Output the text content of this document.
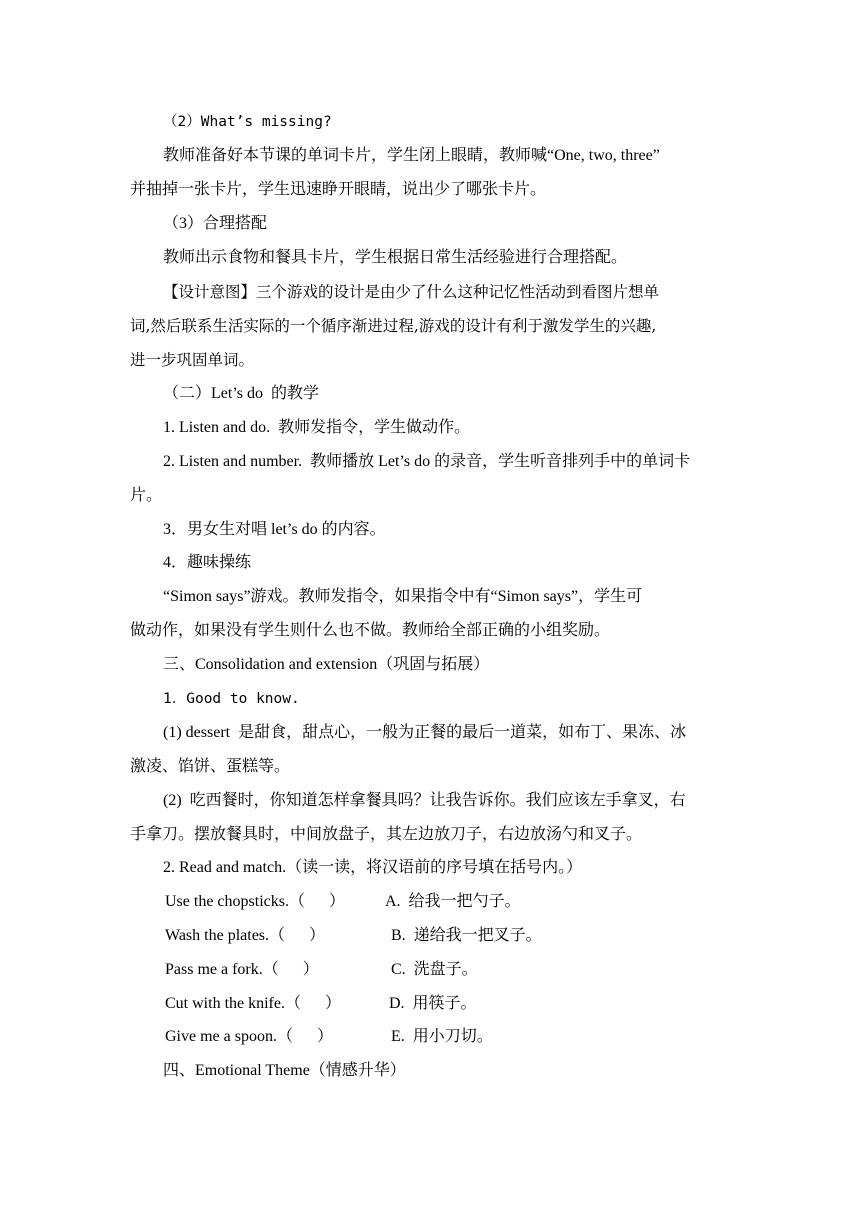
（2）What’s missing?
教师准备好本节课的单词卡片，学生闭上眼睛，教师喊“One, two, three”
并抽掉一张卡片，学生迅速睁开眼睛，说出少了哪张卡片。
（3）合理搭配
教师出示食物和餐具卡片，学生根据日常生活经验进行合理搭配。
【设计意图】三个游戏的设计是由少了什么这种记忆性活动到看图片想单
词,然后联系生活实际的一个循序渐进过程,游戏的设计有利于激发学生的兴趣,
进一步巩固单词。
（二）Let’s do  的教学
1. Listen and do.  教师发指令，学生做动作。
2. Listen and number.  教师播放 Let’s do 的录音，学生听音排列手中的单词卡
片。
3．男女生对唱 let’s do 的内容。
4．趣味操练
“Simon says”游戏。教师发指令，如果指令中有“Simon says”，学生可
做动作，如果没有学生则什么也不做。教师给全部正确的小组奖励。
三、Consolidation and extension（巩固与拓展）
1．Good to know.
(1) dessert  是甜食，甜点心，一般为正餐的最后一道菜，如布丁、果冻、冰
激凌、馅饼、蛋糕等。
(2)  吃西餐时，你知道怎样拿餐具吗？让我告诉你。我们应该左手拿叉，右
手拿刀。摆放餐具时，中间放盘子，其左边放刀子，右边放汤勺和叉子。
2. Read and match.（读一读，将汉语前的序号填在括号内。）
Use the chopsticks.（      ）	A.  给我一把勺子。
Wash the plates.（      ）	B.  递给我一把叉子。
Pass me a fork.（      ）	C.  洗盘子。
Cut with the knife.（      ）	D.  用筷子。
Give me a spoon.（      ）	E.  用小刀切。
四、Emotional Theme（情感升华）
